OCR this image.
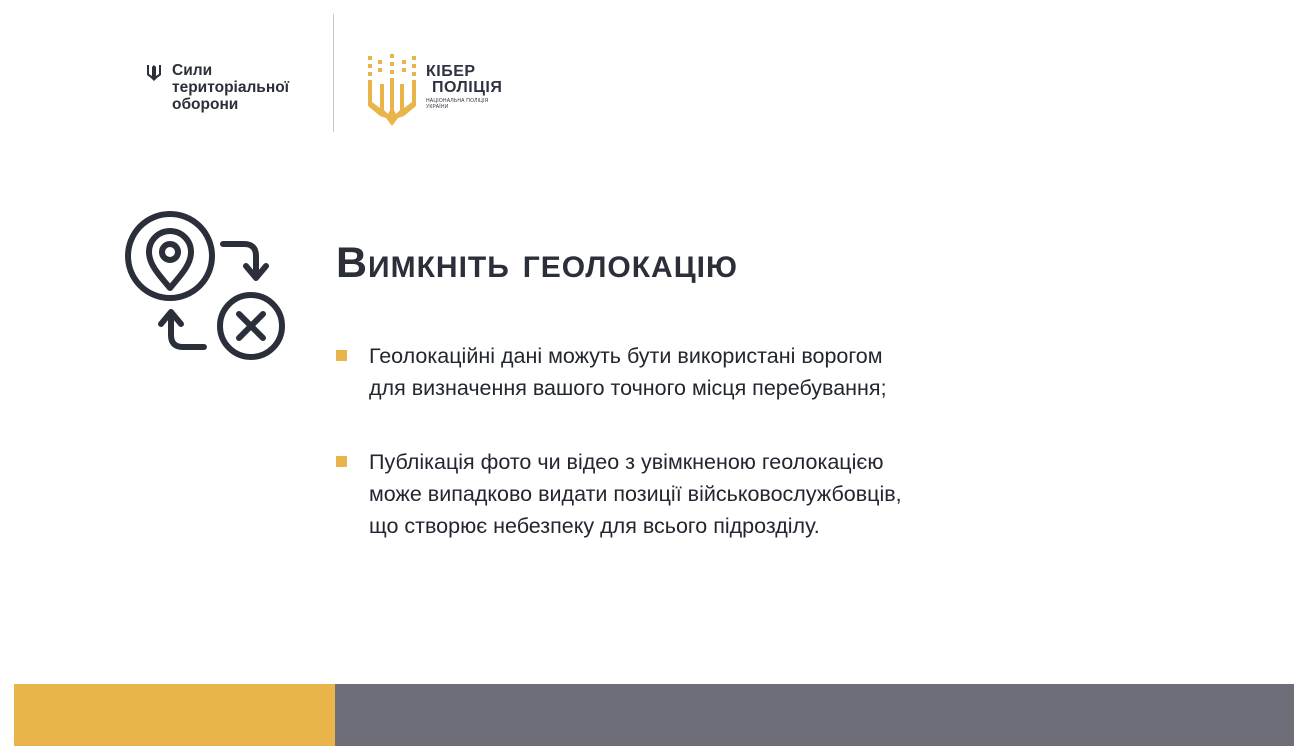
Сили
територіальної
оборони
КІБЕР
ПОЛІЦІЯ
НАЦІОНАЛЬНА ПОЛІЦІЯ
УКРАЇНИ
Вимкніть геолокацію
Геолокаційні дані можуть бути використані ворогом
для визначення вашого точного місця перебування;
Публікація фото чи відео з увімкненою геолокацією
може випадково видати позиції військовослужбовців,
що створює небезпеку для всього підрозділу.
